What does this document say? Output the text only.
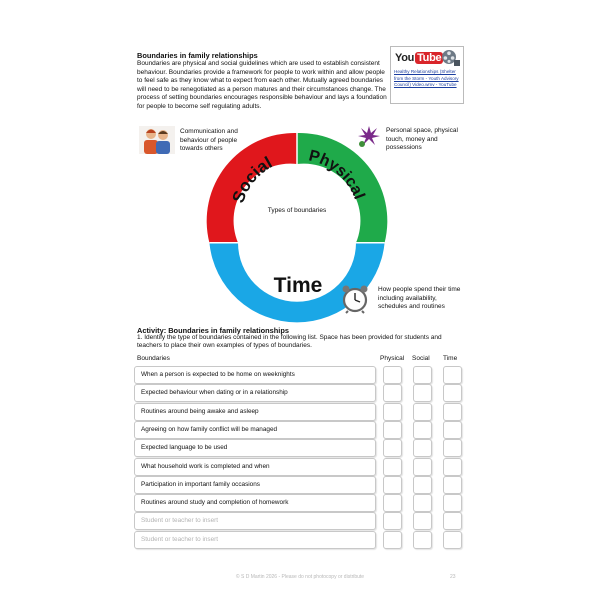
Boundaries in family relationships
Boundaries are physical and social guidelines which are used to establish consistent behaviour. Boundaries provide a framework for people to work within and allow people to feel safe as they know what to expect from each other. Mutually agreed boundaries will need to be renegotiated as a person matures and their circumstances change. The process of setting boundaries encourages responsible behaviour and lays a foundation for people to become self regulating adults.
You Tube
Healthy Relationships (Shelter from the Storm - Youth Advisory Council) Video.wmv - YouTube
Social Physical
Time
Types of boundaries
Communication and behaviour of people towards others
Personal space, physical touch, money and possessions
How people spend their time including availability, schedules and routines
Activity: Boundaries in family relationships
1. Identify the type of boundaries contained in the following list. Space has been provided for students and teachers to place their own examples of types of boundaries.
Boundaries	Physical Social Time
When a person is expected to be home on weeknights
Expected behaviour when dating or in a relationship
Routines around being awake and asleep
Agreeing on how family conflict will be managed
Expected language to be used
What household work is completed and when
Participation in important family occasions
Routines around study and completion of homework
Student or teacher to insert
Student or teacher to insert
© S D Martin 2026 - Please do not photocopy or distribute	23
